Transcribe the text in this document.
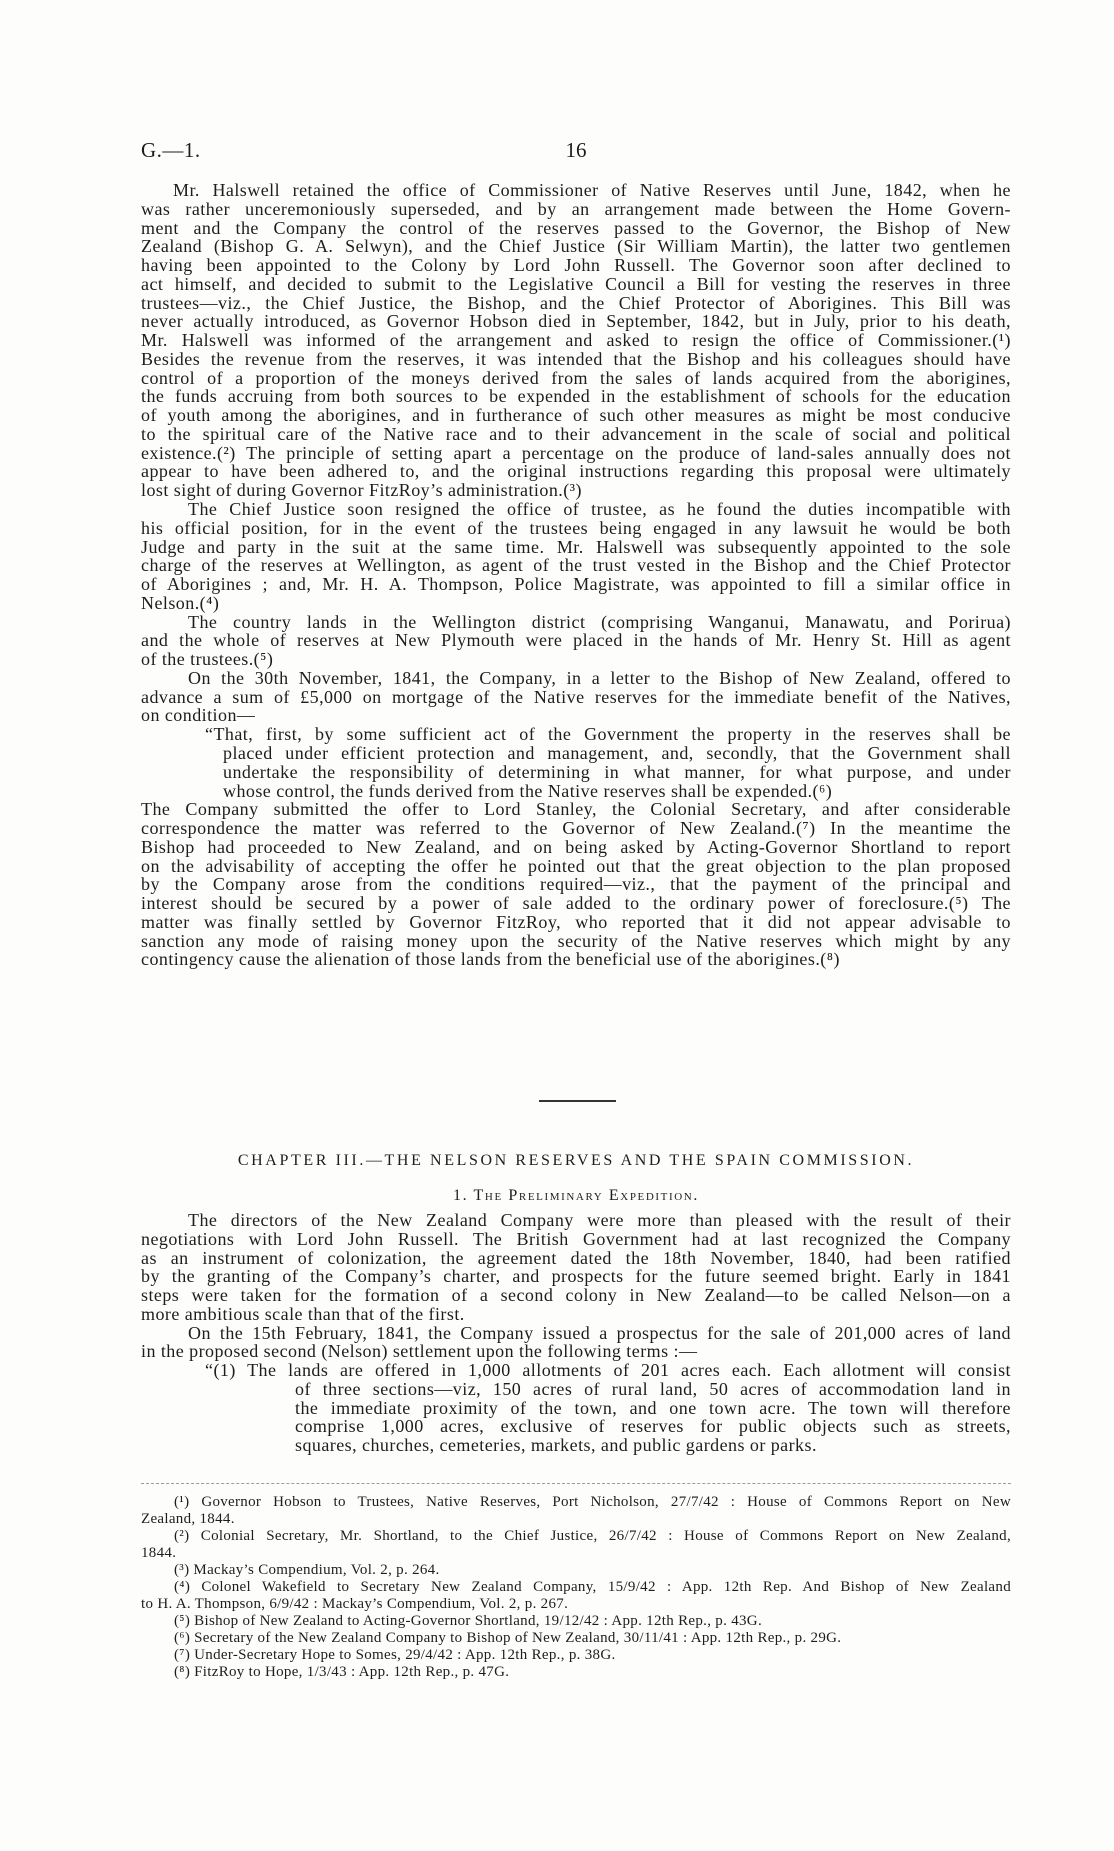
G.—1.	16
Mr. Halswell retained the office of Commissioner of Native Reserves until June, 1842, when he
was rather unceremoniously superseded, and by an arrangement made between the Home Govern-
ment and the Company the control of the reserves passed to the Governor, the Bishop of New
Zealand (Bishop G. A. Selwyn), and the Chief Justice (Sir William Martin), the latter two gentlemen
having been appointed to the Colony by Lord John Russell. The Governor soon after declined to
act himself, and decided to submit to the Legislative Council a Bill for vesting the reserves in three
trustees—viz., the Chief Justice, the Bishop, and the Chief Protector of Aborigines. This Bill was
never actually introduced, as Governor Hobson died in September, 1842, but in July, prior to his death,
Mr. Halswell was informed of the arrangement and asked to resign the office of Commissioner.(¹)
Besides the revenue from the reserves, it was intended that the Bishop and his colleagues should have
control of a proportion of the moneys derived from the sales of lands acquired from the aborigines,
the funds accruing from both sources to be expended in the establishment of schools for the education
of youth among the aborigines, and in furtherance of such other measures as might be most conducive
to the spiritual care of the Native race and to their advancement in the scale of social and political
existence.(²) The principle of setting apart a percentage on the produce of land-sales annually does not
appear to have been adhered to, and the original instructions regarding this proposal were ultimately
lost sight of during Governor FitzRoy’s administration.(³)
The Chief Justice soon resigned the office of trustee, as he found the duties incompatible with
his official position, for in the event of the trustees being engaged in any lawsuit he would be both
Judge and party in the suit at the same time. Mr. Halswell was subsequently appointed to the sole
charge of the reserves at Wellington, as agent of the trust vested in the Bishop and the Chief Protector
of Aborigines ; and, Mr. H. A. Thompson, Police Magistrate, was appointed to fill a similar office in
Nelson.(⁴)
The country lands in the Wellington district (comprising Wanganui, Manawatu, and Porirua)
and the whole of reserves at New Plymouth were placed in the hands of Mr. Henry St. Hill as agent
of the trustees.(⁵)
On the 30th November, 1841, the Company, in a letter to the Bishop of New Zealand, offered to
advance a sum of £5,000 on mortgage of the Native reserves for the immediate benefit of the Natives,
on condition—
“That, first, by some sufficient act of the Government the property in the reserves shall be
placed under efficient protection and management, and, secondly, that the Government shall
undertake the responsibility of determining in what manner, for what purpose, and under
whose control, the funds derived from the Native reserves shall be expended.(⁶)
The Company submitted the offer to Lord Stanley, the Colonial Secretary, and after considerable
correspondence the matter was referred to the Governor of New Zealand.(⁷) In the meantime the
Bishop had proceeded to New Zealand, and on being asked by Acting-Governor Shortland to report
on the advisability of accepting the offer he pointed out that the great objection to the plan proposed
by the Company arose from the conditions required—viz., that the payment of the principal and
interest should be secured by a power of sale added to the ordinary power of foreclosure.(⁵) The
matter was finally settled by Governor FitzRoy, who reported that it did not appear advisable to
sanction any mode of raising money upon the security of the Native reserves which might by any
contingency cause the alienation of those lands from the beneficial use of the aborigines.(⁸)
CHAPTER III.—THE NELSON RESERVES AND THE SPAIN COMMISSION.
1. The Preliminary Expedition.
The directors of the New Zealand Company were more than pleased with the result of their
negotiations with Lord John Russell. The British Government had at last recognized the Company
as an instrument of colonization, the agreement dated the 18th November, 1840, had been ratified
by the granting of the Company’s charter, and prospects for the future seemed bright. Early in 1841
steps were taken for the formation of a second colony in New Zealand—to be called Nelson—on a
more ambitious scale than that of the first.
On the 15th February, 1841, the Company issued a prospectus for the sale of 201,000 acres of land
in the proposed second (Nelson) settlement upon the following terms :—
“(1) The lands are offered in 1,000 allotments of 201 acres each. Each allotment will consist
of three sections—viz, 150 acres of rural land, 50 acres of accommodation land in
the immediate proximity of the town, and one town acre. The town will therefore
comprise 1,000 acres, exclusive of reserves for public objects such as streets,
squares, churches, cemeteries, markets, and public gardens or parks.
(¹) Governor Hobson to Trustees, Native Reserves, Port Nicholson, 27/7/42 : House of Commons Report on New
Zealand, 1844.
(²) Colonial Secretary, Mr. Shortland, to the Chief Justice, 26/7/42 : House of Commons Report on New Zealand,
1844.
(³) Mackay’s Compendium, Vol. 2, p. 264.
(⁴) Colonel Wakefield to Secretary New Zealand Company, 15/9/42 : App. 12th Rep. And Bishop of New Zealand
to H. A. Thompson, 6/9/42 : Mackay’s Compendium, Vol. 2, p. 267.
(⁵) Bishop of New Zealand to Acting-Governor Shortland, 19/12/42 : App. 12th Rep., p. 43G.
(⁶) Secretary of the New Zealand Company to Bishop of New Zealand, 30/11/41 : App. 12th Rep., p. 29G.
(⁷) Under-Secretary Hope to Somes, 29/4/42 : App. 12th Rep., p. 38G.
(⁸) FitzRoy to Hope, 1/3/43 : App. 12th Rep., p. 47G.
